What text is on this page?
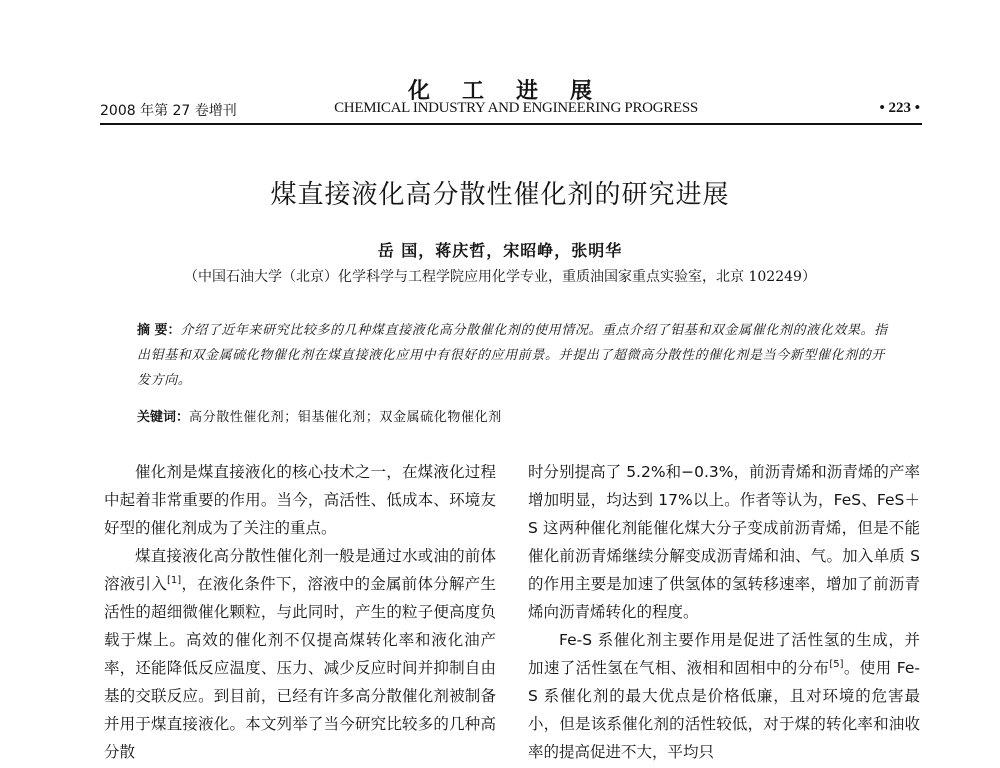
化工进展
2008 年第 27 卷增刊	CHEMICAL INDUSTRY AND ENGINEERING PROGRESS	• 223 •
煤直接液化高分散性催化剂的研究进展
岳 国，蒋庆哲，宋昭峥，张明华
（中国石油大学（北京）化学科学与工程学院应用化学专业，重质油国家重点实验室，北京 102249）
摘 要：介绍了近年来研究比较多的几种煤直接液化高分散催化剂的使用情况。重点介绍了钼基和双金属催化剂的液化效果。指出钼基和双金属硫化物催化剂在煤直接液化应用中有很好的应用前景。并提出了超微高分散性的催化剂是当今新型催化剂的开发方向。
关键词：高分散性催化剂；钼基催化剂；双金属硫化物催化剂

催化剂是煤直接液化的核心技术之一，在煤液化过程中起着非常重要的作用。当今，高活性、低成本、环境友好型的催化剂成为了关注的重点。

煤直接液化高分散性催化剂一般是通过水或油的前体溶液引入[1]，在液化条件下，溶液中的金属前体分解产生活性的超细微催化颗粒，与此同时，产生的粒子便高度负载于煤上。高效的催化剂不仅提高煤转化率和液化油产率，还能降低反应温度、压力、减少反应时间并抑制自由基的交联反应。到目前，已经有许多高分散催化剂被制备并用于煤直接液化。本文列举了当今研究比较多的几种高分散

时分别提高了 5.2%和−0.3%，前沥青烯和沥青烯的产率增加明显，均达到 17%以上。作者等认为，FeS、FeS＋S 这两种催化剂能催化煤大分子变成前沥青烯，但是不能催化前沥青烯继续分解变成沥青烯和油、气。加入单质 S 的作用主要是加速了供氢体的氢转移速率，增加了前沥青烯向沥青烯转化的程度。

Fe-S 系催化剂主要作用是促进了活性氢的生成，并加速了活性氢在气相、液相和固相中的分布[5]。使用 Fe-S 系催化剂的最大优点是价格低廉，且对环境的危害最小，但是该系催化剂的活性较低，对于煤的转化率和油收率的提高促进不大，平均只
